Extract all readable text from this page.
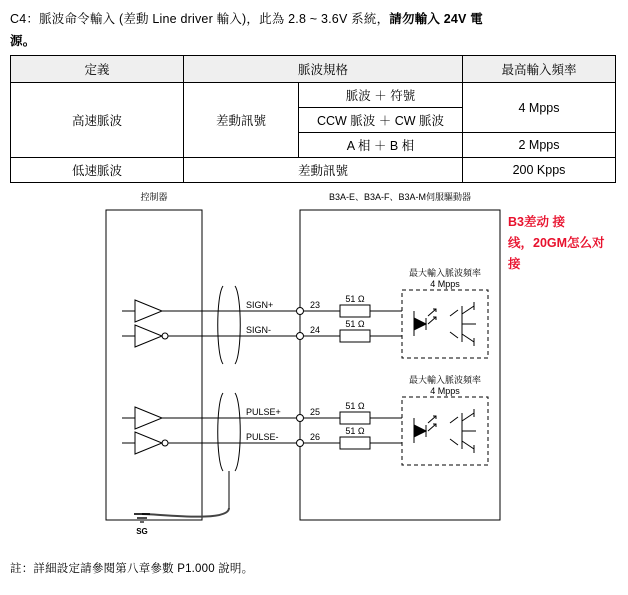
C4：脈波命令輸入 (差動 Line driver 輸入)，此為 2.8 ~ 3.6V 系統，請勿輸入 24V 電
源。
定義	脈波規格		最高輸入頻率
高速脈波	差動訊號	脈波 ＋ 符號	4 Mpps
		CCW 脈波 ＋ CW 脈波	
		A 相 ＋ B 相	2 Mpps
低速脈波	差動訊號		200 Kpps
控制器	B3A-E、B3A-F、B3A-M伺服驅動器
SIGN+
SIGN-
23
24
51 Ω
51 Ω
最大輸入脈波頻率
4 Mpps
PULSE+
PULSE-
25
26
51 Ω
51 Ω
最大輸入脈波頻率
4 Mpps
SG
B3差动 接
线，20GM怎么对
接
註：詳細設定請參閱第八章參數 P1.000 說明。
